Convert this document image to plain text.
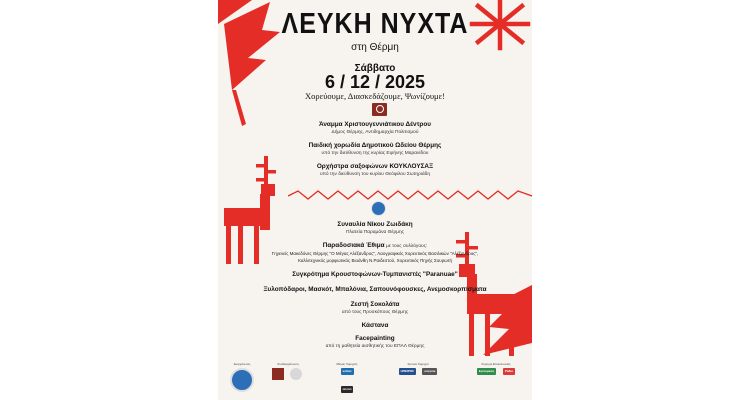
ΛΕΥΚΗ ΝΥΧΤΑ
στη Θέρμη
Σάββατο
6 / 12 / 2025
Χορεύουμε, Διασκεδάζουμε, Ψωνίζουμε!
Άναμμα Χριστουγεννιάτικου Δέντρου
Δήμος Θέρμης, Αντιδημαρχία Πολιτισμού
Παιδική χορωδία Δημοτικού Ωδείου Θέρμης
υπό την διεύθυνση της κυρίας Ειρήνης Μαρανίδου
Ορχήστρα σαξοφώνων ΚΟΥΚΛΟΥΣΑΞ
υπό την διεύθυνση του κυρίου Θεόφιλου Σωτηριάδη
Συναυλία Νίκου Ζωιδάκη
Πλατεία Παραμάνα Θέρμης
Παραδοσιακά Έθιμα με τους συλλόγους:
Γηγενείς Μακεδόνες Θέρμης "Ο Μέγας Αλέξανδρος", Λαογραφικός Χορευτικός Βασιλικών "Αλέξανδρος",
Καλλιτεχνικός μορφωτικός Βιοάνθη Ν.Ραιδεστού, Χορευτικός Πηγής Σουρωτή
Συγκρότημα Κρουστοφώνων-Τυμπανιστές "Paranuae"
Ξυλοπόδαροι, Μασκότ, Μπαλόνια, Σαπουνόφουσκες, Ανεμοσκορπίσματα
Ζεστή Σοκολάτα
από τους Προσκόπους Θέρμης
Κάστανα
Facepainting
από τη μαθητεία αισθητικής του ΕΠΑΛ Θέρμης
Διοργάνωση	Συνδιοργάνωση	Μέγας Χορηγός
volton
onzon
Χρυσοί Χορηγοί
ΗΠΕΙΡΟΣ	enzyme
Χορηγοί Επικοινωνίας
Εμπορικός	Ράδιο
